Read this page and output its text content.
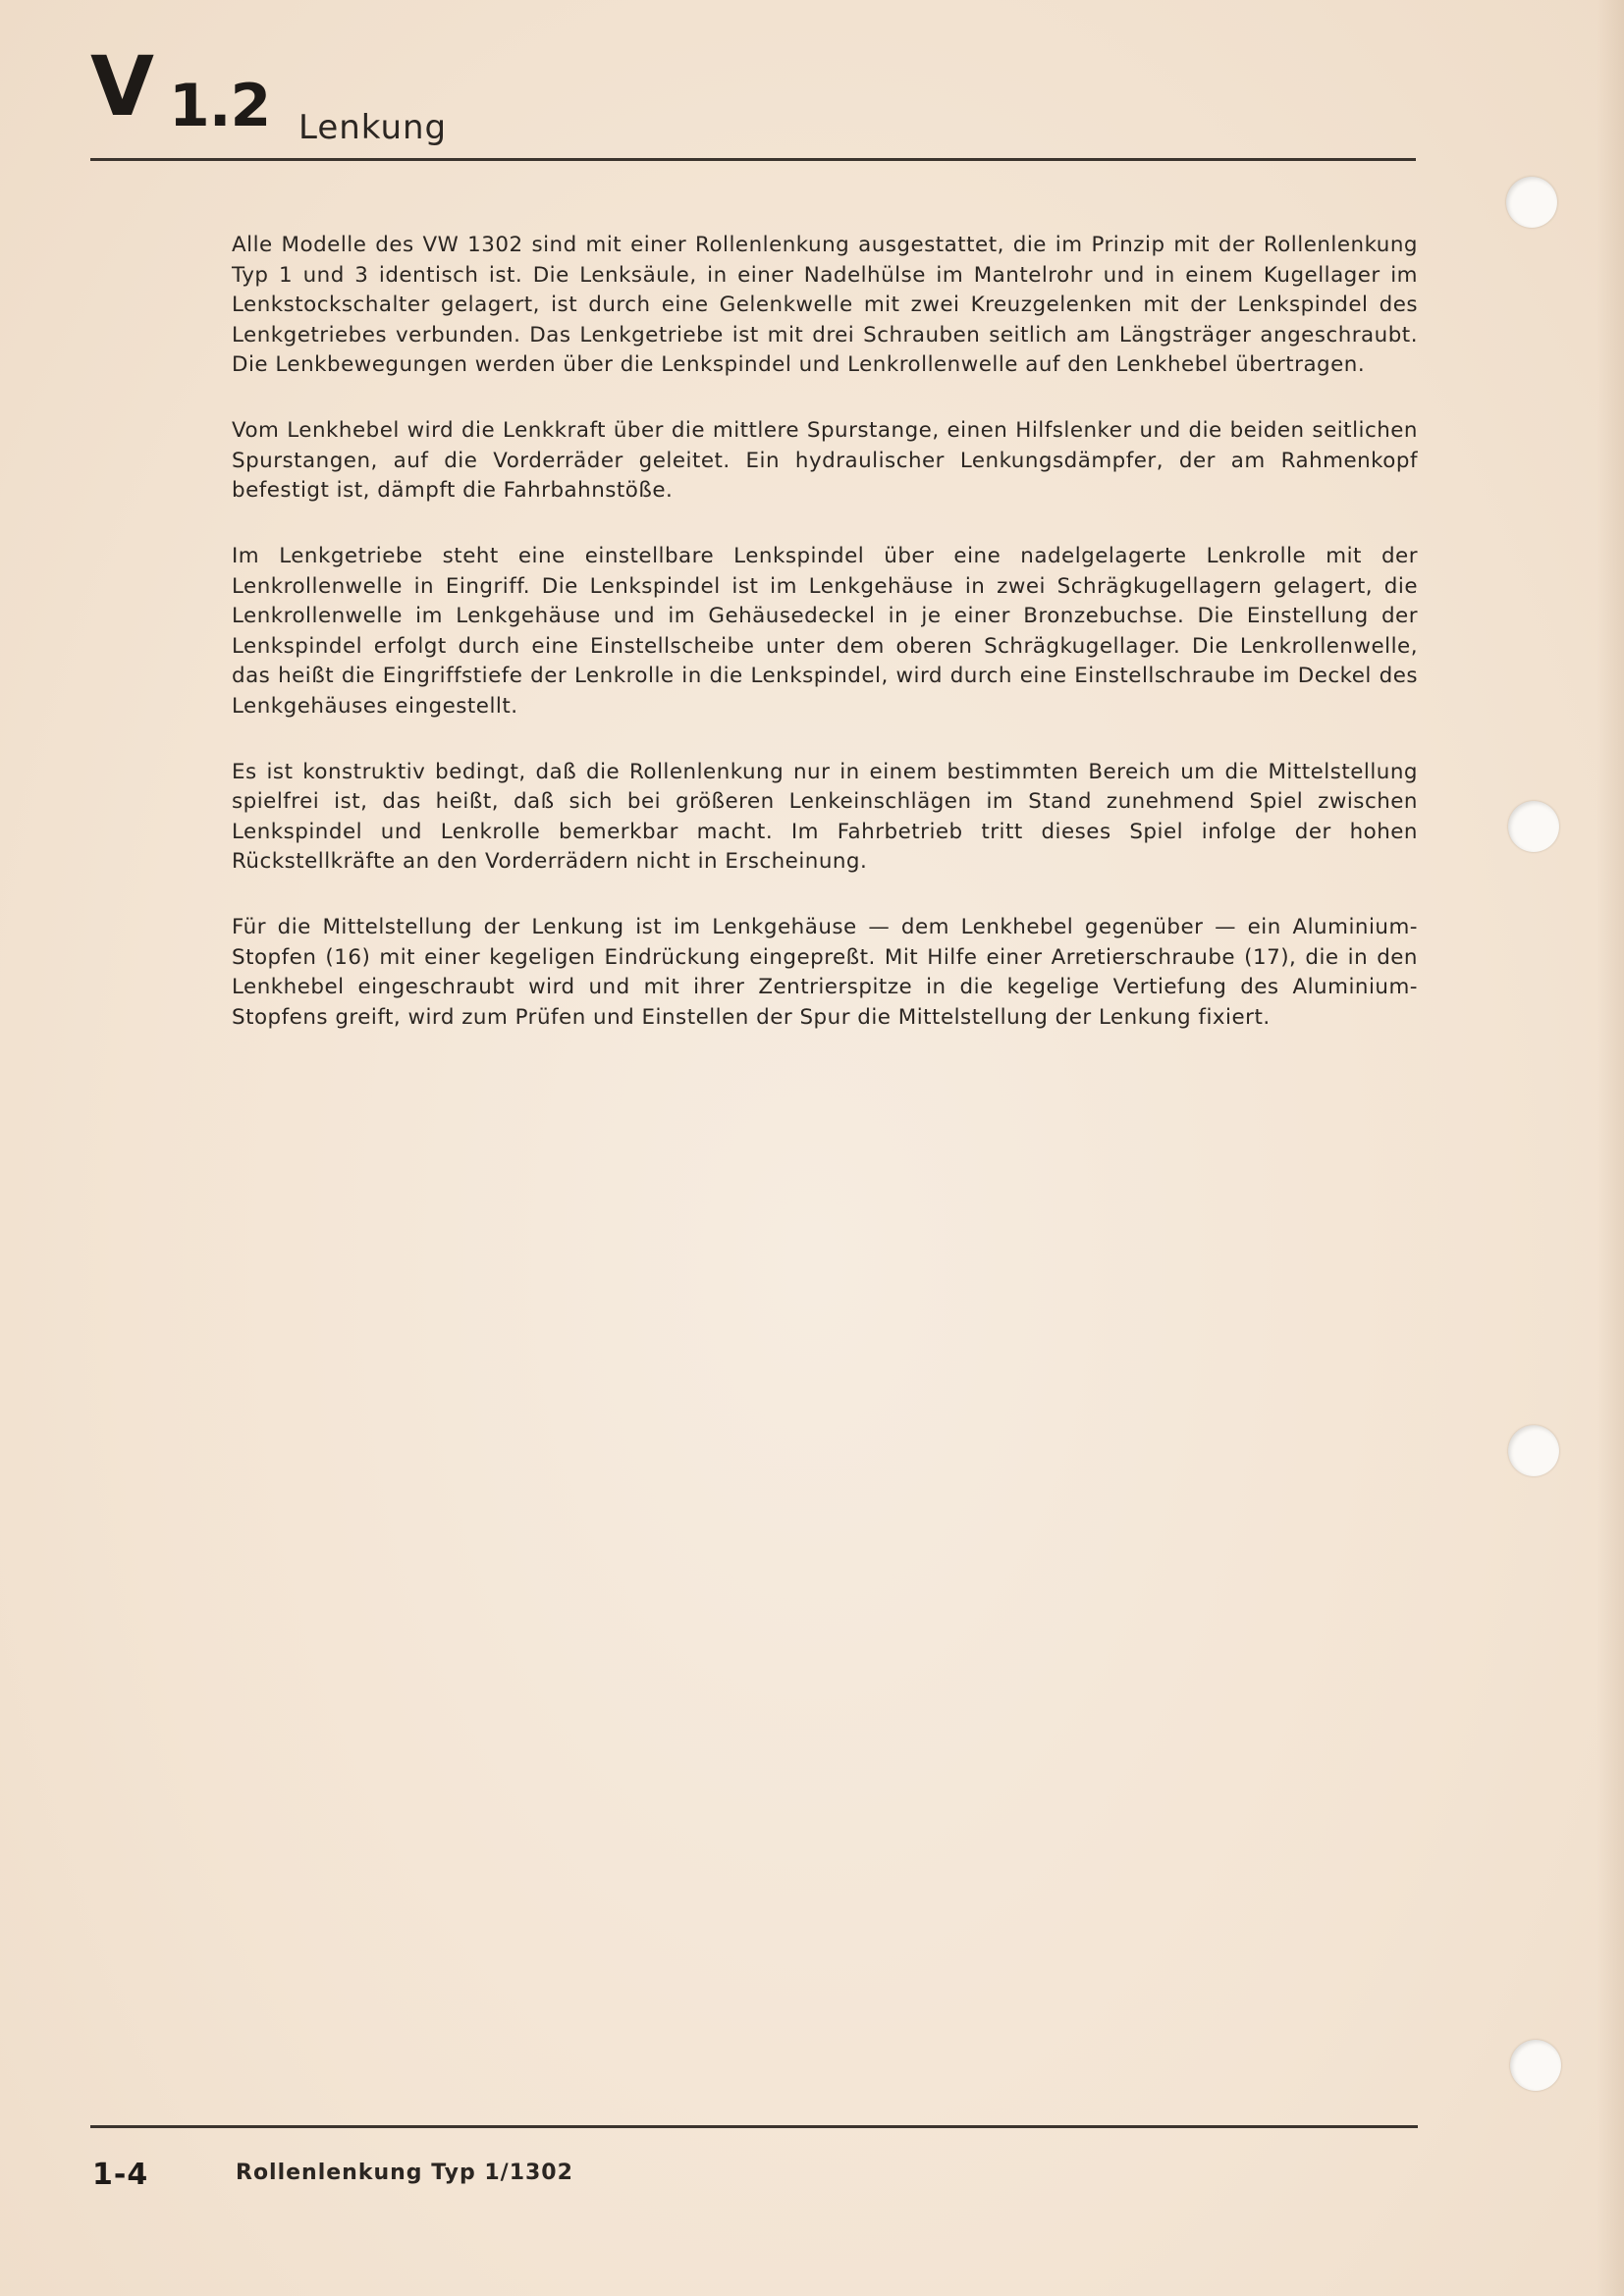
V 1.2 Lenkung

Alle Modelle des VW 1302 sind mit einer Rollenlenkung ausgestattet, die im Prinzip mit der Rollenlenkung Typ 1 und 3 identisch ist. Die Lenksäule, in einer Nadelhülse im Mantelrohr und in einem Kugellager im Lenkstockschalter gelagert, ist durch eine Gelenkwelle mit zwei Kreuzgelenken mit der Lenkspindel des Lenkgetriebes verbunden. Das Lenkgetriebe ist mit drei Schrauben seitlich am Längsträger angeschraubt. Die Lenkbewegungen werden über die Lenkspindel und Lenkrollenwelle auf den Lenkhebel übertragen.

Vom Lenkhebel wird die Lenkkraft über die mittlere Spurstange, einen Hilfslenker und die beiden seitlichen Spurstangen, auf die Vorderräder geleitet. Ein hydraulischer Lenkungsdämpfer, der am Rahmenkopf befestigt ist, dämpft die Fahrbahnstöße.

Im Lenkgetriebe steht eine einstellbare Lenkspindel über eine nadelgelagerte Lenkrolle mit der Lenkrollenwelle in Eingriff. Die Lenkspindel ist im Lenkgehäuse in zwei Schrägkugellagern gelagert, die Lenkrollenwelle im Lenkgehäuse und im Gehäusedeckel in je einer Bronzebuchse. Die Einstellung der Lenkspindel erfolgt durch eine Einstellscheibe unter dem oberen Schrägkugellager. Die Lenkrollenwelle, das heißt die Eingriffstiefe der Lenkrolle in die Lenkspindel, wird durch eine Einstellschraube im Deckel des Lenkgehäuses eingestellt.

Es ist konstruktiv bedingt, daß die Rollenlenkung nur in einem bestimmten Bereich um die Mittelstellung spielfrei ist, das heißt, daß sich bei größeren Lenkeinschlägen im Stand zunehmend Spiel zwischen Lenkspindel und Lenkrolle bemerkbar macht. Im Fahrbetrieb tritt dieses Spiel infolge der hohen Rückstellkräfte an den Vorderrädern nicht in Erscheinung.

Für die Mittelstellung der Lenkung ist im Lenkgehäuse — dem Lenkhebel gegenüber — ein Aluminium-Stopfen (16) mit einer kegeligen Eindrückung eingepreßt. Mit Hilfe einer Arretierschraube (17), die in den Lenkhebel eingeschraubt wird und mit ihrer Zentrierspitze in die kegelige Vertiefung des Aluminium-Stopfens greift, wird zum Prüfen und Einstellen der Spur die Mittelstellung der Lenkung fixiert.

1-4	Rollenlenkung Typ 1/1302
